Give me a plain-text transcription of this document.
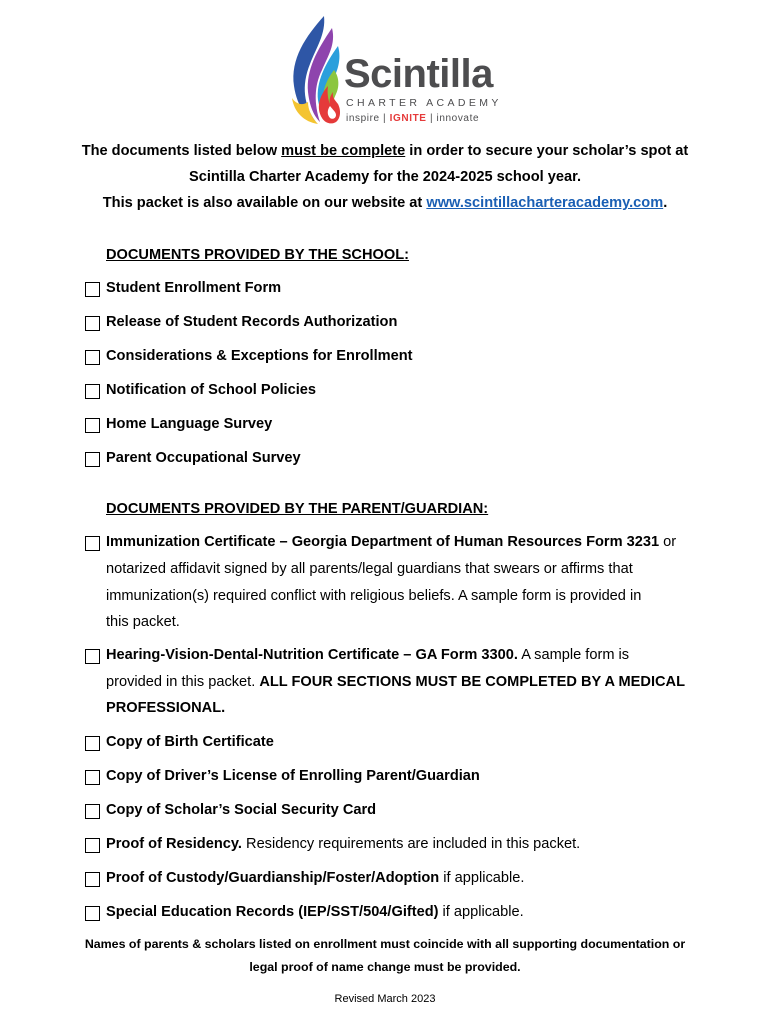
Scintilla
CHARTER ACADEMY
inspire | IGNITE | innovate
The documents listed below must be complete in order to secure your scholar’s spot at
Scintilla Charter Academy for the 2024-2025 school year.
This packet is also available on our website at www.scintillacharteracademy.com.
DOCUMENTS PROVIDED BY THE SCHOOL:
Student Enrollment Form
Release of Student Records Authorization
Considerations & Exceptions for Enrollment
Notification of School Policies
Home Language Survey
Parent Occupational Survey
DOCUMENTS PROVIDED BY THE PARENT/GUARDIAN:
Immunization Certificate – Georgia Department of Human Resources Form 3231 or
notarized affidavit signed by all parents/legal guardians that swears or affirms that
immunization(s) required conflict with religious beliefs. A sample form is provided in
this packet.
Hearing-Vision-Dental-Nutrition Certificate – GA Form 3300. A sample form is
provided in this packet. ALL FOUR SECTIONS MUST BE COMPLETED BY A MEDICAL
PROFESSIONAL.
Copy of Birth Certificate
Copy of Driver’s License of Enrolling Parent/Guardian
Copy of Scholar’s Social Security Card
Proof of Residency. Residency requirements are included in this packet.
Proof of Custody/Guardianship/Foster/Adoption if applicable.
Special Education Records (IEP/SST/504/Gifted) if applicable.
Names of parents & scholars listed on enrollment must coincide with all supporting documentation or
legal proof of name change must be provided.
Revised March 2023
